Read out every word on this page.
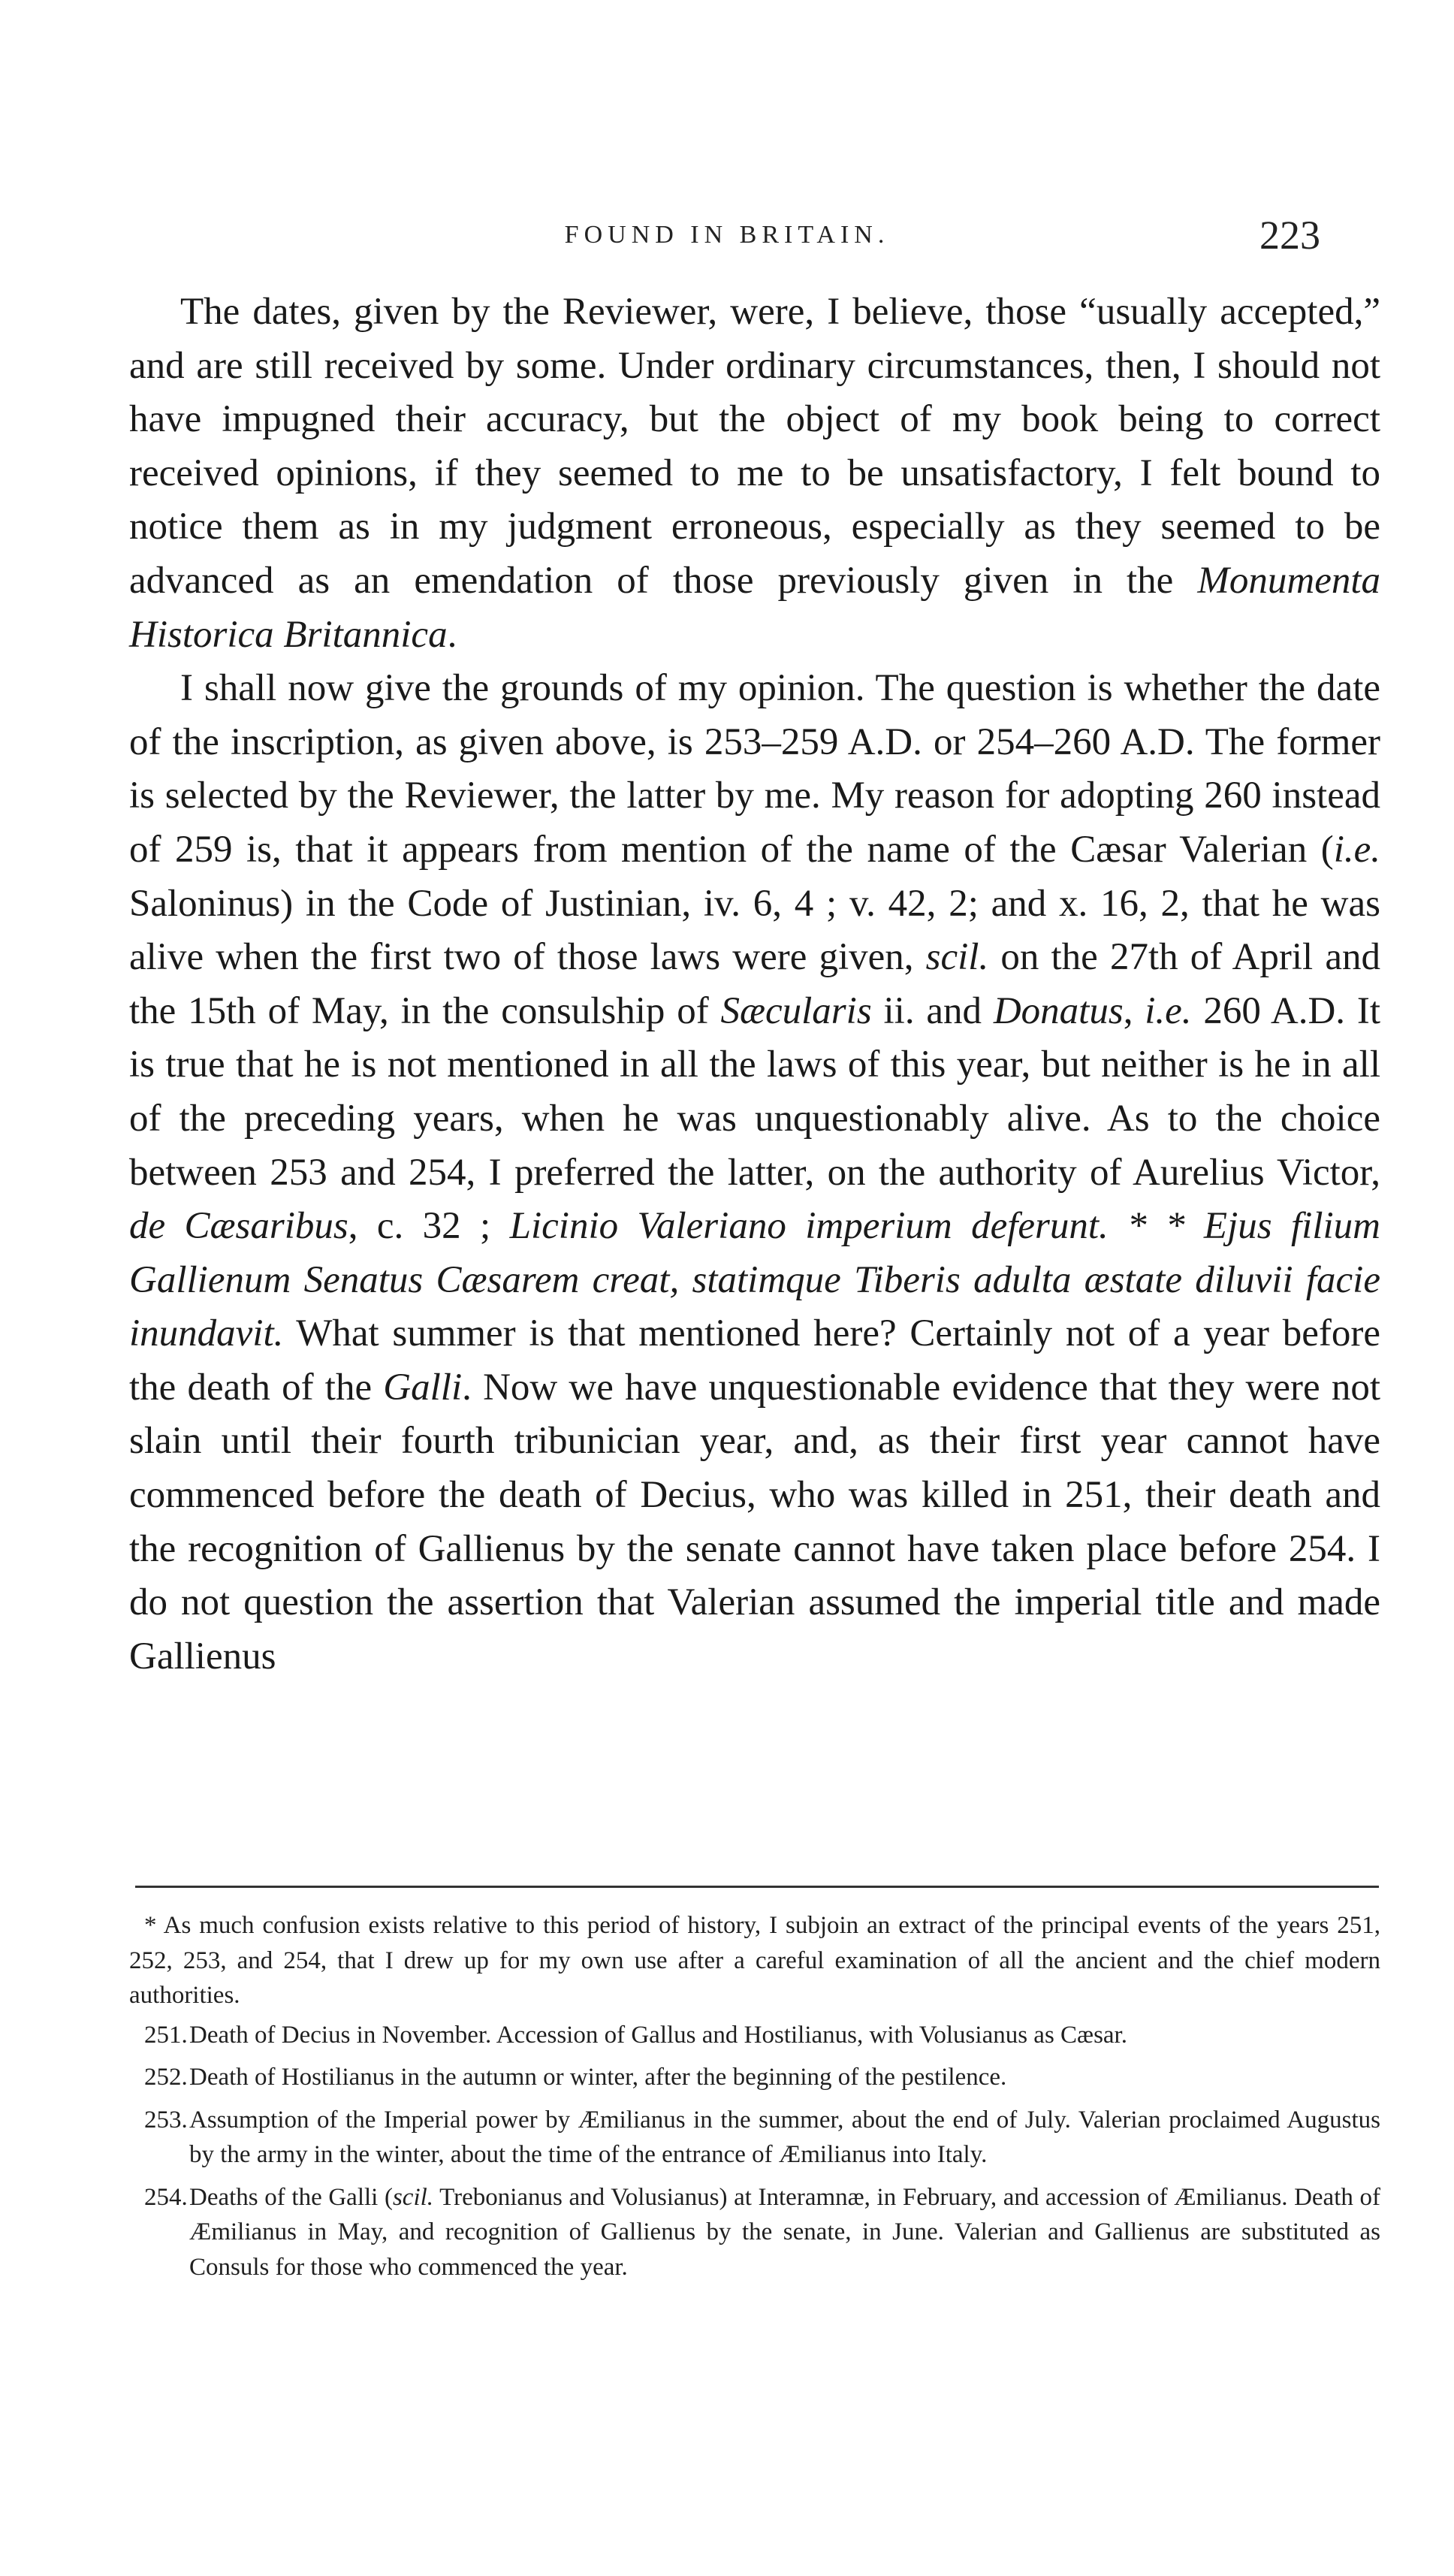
FOUND IN BRITAIN.	223

The dates, given by the Reviewer, were, I believe, those “usually accepted,” and are still received by some. Under ordinary circumstances, then, I should not have impugned their accuracy, but the object of my book being to correct received opinions, if they seemed to me to be unsatisfactory, I felt bound to notice them as in my judgment erroneous, especially as they seemed to be advanced as an emendation of those previously given in the Monumenta Historica Britannica.

I shall now give the grounds of my opinion. The question is whether the date of the inscription, as given above, is 253–259 A.D. or 254–260 A.D. The former is selected by the Reviewer, the latter by me. My reason for adopting 260 instead of 259 is, that it appears from mention of the name of the Cæsar Valerian (i.e. Saloninus) in the Code of Justinian, iv. 6, 4 ; v. 42, 2; and x. 16, 2, that he was alive when the first two of those laws were given, scil. on the 27th of April and the 15th of May, in the consulship of Sæcularis ii. and Donatus, i.e. 260 A.D. It is true that he is not mentioned in all the laws of this year, but neither is he in all of the preceding years, when he was unquestionably alive. As to the choice between 253 and 254, I preferred the latter, on the authority of Aurelius Victor, de Cæsaribus, c. 32 ; Licinio Valeriano imperium deferunt. * * Ejus filium Gallienum Senatus Cæsarem creat, statimque Tiberis adulta æstate diluvii facie inundavit. What summer is that mentioned here? Certainly not of a year before the death of the Galli. Now we have unquestionable evidence that they were not slain until their fourth tribunician year, and, as their first year cannot have commenced before the death of Decius, who was killed in 251, their death and the recognition of Gallienus by the senate cannot have taken place before 254. I do not question the assertion that Valerian assumed the imperial title and made Gallienus

* As much confusion exists relative to this period of history, I subjoin an extract of the principal events of the years 251, 252, 253, and 254, that I drew up for my own use after a careful examination of all the ancient and the chief modern authorities.

251. Death of Decius in November. Accession of Gallus and Hostilianus, with Volusianus as Cæsar.
252. Death of Hostilianus in the autumn or winter, after the beginning of the pestilence.
253. Assumption of the Imperial power by Æmilianus in the summer, about the end of July. Valerian proclaimed Augustus by the army in the winter, about the time of the entrance of Æmilianus into Italy.
254. Deaths of the Galli (scil. Trebonianus and Volusianus) at Interamnæ, in February, and accession of Æmilianus. Death of Æmilianus in May, and recognition of Gallienus by the senate, in June. Valerian and Gallienus are substituted as Consuls for those who commenced the year.
